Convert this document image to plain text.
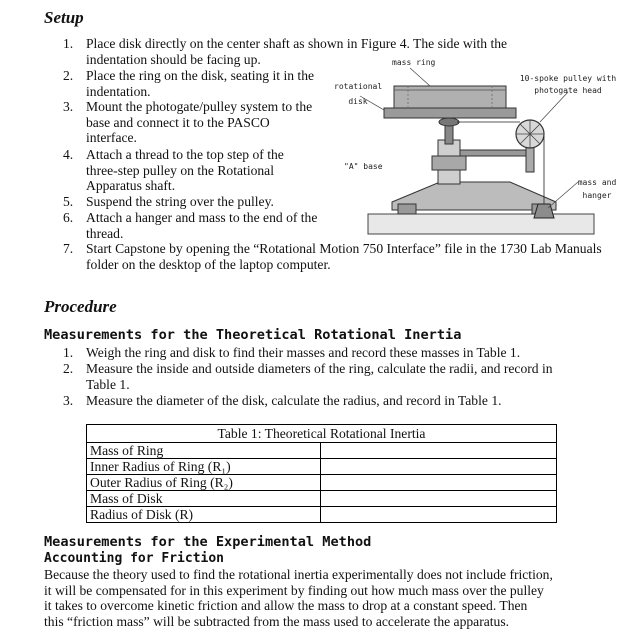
Setup
1. Place disk directly on the center shaft as shown in Figure 4. The side with the
indentation should be facing up.
2. Place the ring on the disk, seating it in the
indentation.
3. Mount the photogate/pulley system to the
base and connect it to the PASCO
interface.
4. Attach a thread to the top step of the
three-step pulley on the Rotational
Apparatus shaft.
5. Suspend the string over the pulley.
6. Attach a hanger and mass to the end of the
thread.
7. Start Capstone by opening the “Rotational Motion 750 Interface” file in the 1730 Lab Manuals
folder on the desktop of the laptop computer.
mass ring
rotational
disk
10-spoke pulley with
photogate head
"A" base
mass and
hanger
Procedure
Measurements for the Theoretical Rotational Inertia
1. Weigh the ring and disk to find their masses and record these masses in Table 1.
2. Measure the inside and outside diameters of the ring, calculate the radii, and record in
Table 1.
3. Measure the diameter of the disk, calculate the radius, and record in Table 1.
Table 1: Theoretical Rotational Inertia	
Mass of Ring	
Inner Radius of Ring (R₁)	
Outer Radius of Ring (R₂)	
Mass of Disk	
Radius of Disk (R)	
Measurements for the Experimental Method
Accounting for Friction
Because the theory used to find the rotational inertia experimentally does not include friction,
it will be compensated for in this experiment by finding out how much mass over the pulley
it takes to overcome kinetic friction and allow the mass to drop at a constant speed. Then
this “friction mass” will be subtracted from the mass used to accelerate the apparatus.
